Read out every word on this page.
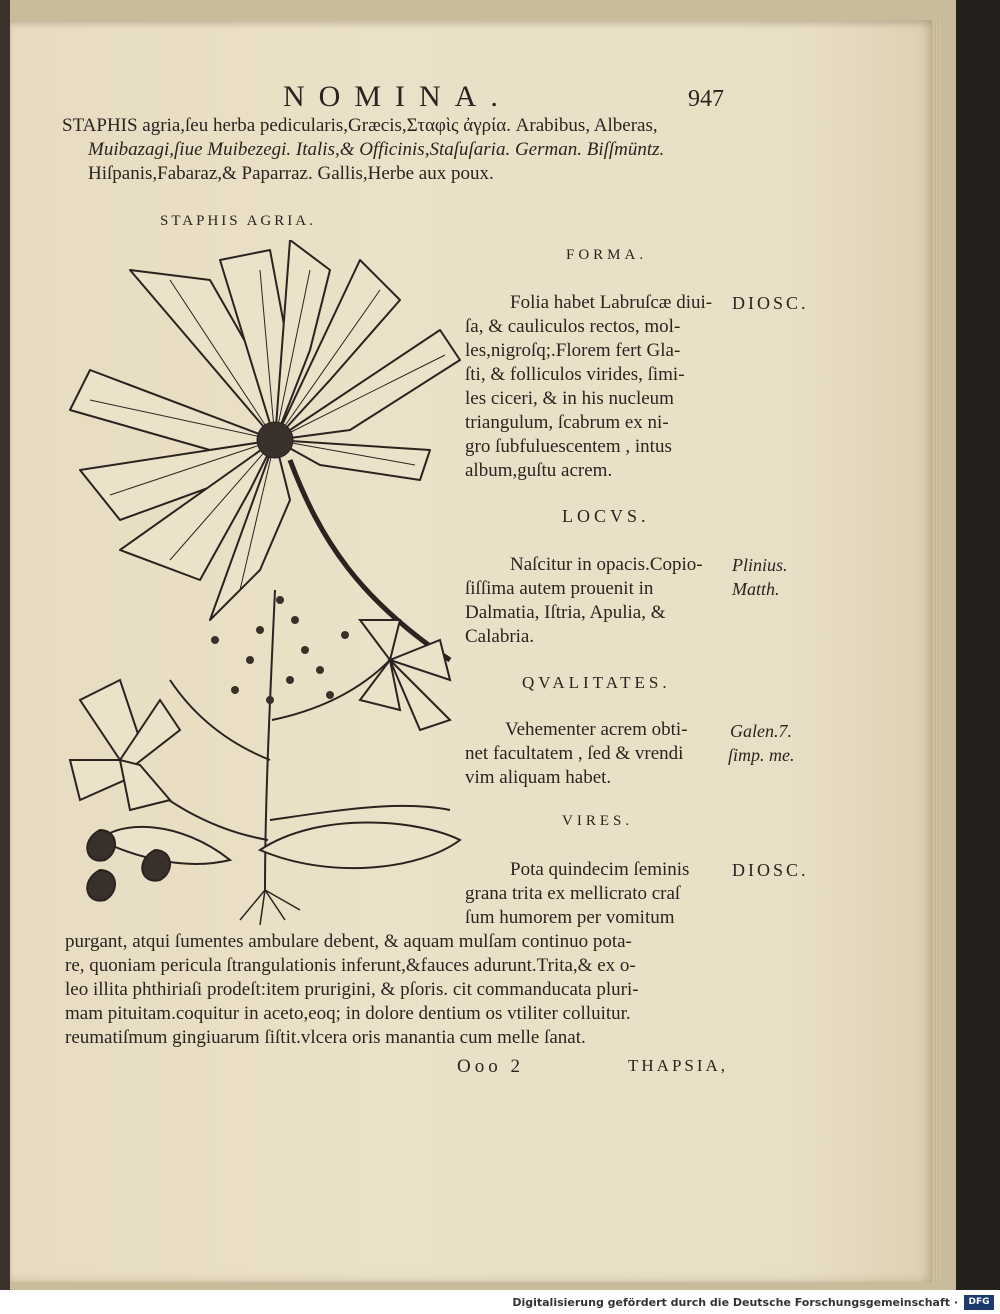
NOMINA.	947
STAPHIS agria,ſeu herba pedicularis,Græcis,Σταφὶς ἀγρία. Arabibus, Alberas,
Muibazagi,ſiue Muibezegi. Italis,& Officinis,Staſuſaria. German. Biſſmüntz.
Hiſpanis,Fabaraz,& Paparraz. Gallis,Herbe aux poux.
STAPHIS AGRIA.
FORMA.
Folia habet Labruſcæ diui-
ſa, & cauliculos rectos, mol-
les,nigroſq;.Florem fert Gla-
ſti, & folliculos virides, ſimi-
les ciceri, & in his nucleum
triangulum, ſcabrum ex ni-
gro ſubfuluescentem , intus
album,guſtu acrem.
DIOSC.
LOCVS.
Naſcitur in opacis.Copio-
ſiſſima autem prouenit in
Dalmatia, Iſtria, Apulia, &
Calabria.
Plinius.
Matth.
QVALITATES.
Vehementer acrem obti-
net facultatem , ſed & vrendi
vim aliquam habet.
Galen.7.
ſimp. me.
VIRES.
Pota quindecim ſeminis
grana trita ex mellicrato craſ
ſum humorem per vomitum
purgant, atqui ſumentes ambulare debent, & aquam mulſam continuo pota-
re, quoniam pericula ſtrangulationis inferunt,&fauces adurunt.Trita,& ex o-
leo illita phthiriaſi prodeſt:item prurigini, & pſoris. cit commanducata pluri-
mam pituitam.coquitur in aceto,eoq; in dolore dentium os vtiliter colluitur.
reumatiſmum gingiuarum ſiſtit.vlcera oris manantia cum melle ſanat.
DIOSC.
Ooo 2	THAPSIA,
Digitalisierung gefördert durch die Deutsche Forschungsgemeinschaft ·	DFG
